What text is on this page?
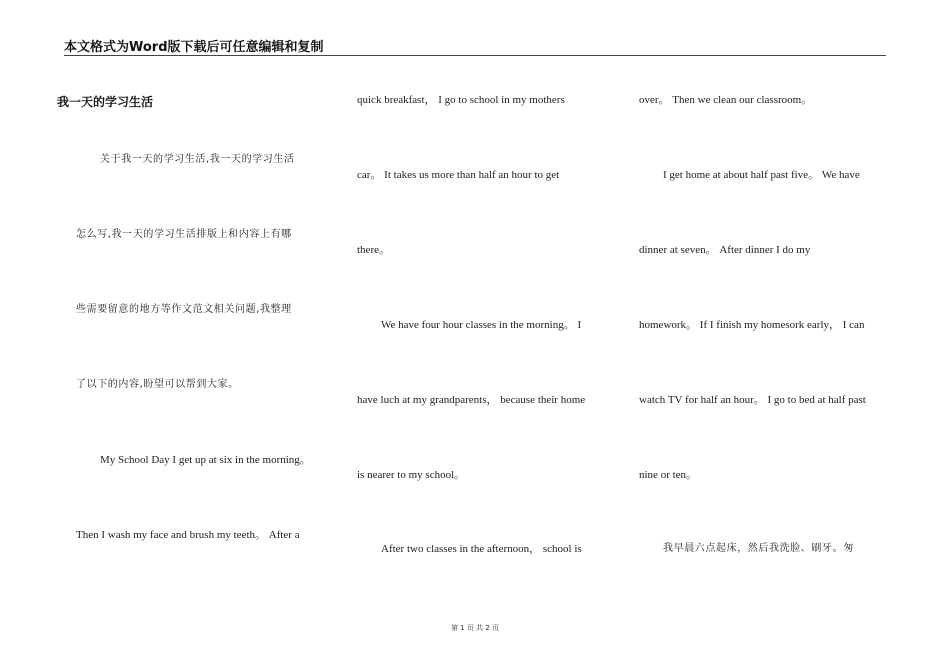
本文格式为Word版下载后可任意编辑和复制
我一天的学习生活
关于我一天的学习生活,我一天的学习生活
怎么写,我一天的学习生活排版上和内容上有哪
些需要留意的地方等作文范文相关问题,我整理
了以下的内容,盼望可以帮到大家。
My School Day I get up at six in the morning。
Then I wash my face and brush my teeth。 After a
quick breakfast， I go to school in my mothers
car。 It takes us more than half an hour to get
there。
We have four hour classes in the morning。 I
have luch at my grandparents， because their home
is nearer to my school。
After two classes in the afternoon， school is
over。 Then we clean our classroom。
I get home at about half past five。 We have
dinner at seven。 After dinner I do my
homework。 If I finish my homesork early， I can
watch TV for half an hour。 I go to bed at half past
nine or ten。
我早晨六点起床，然后我洗脸、刷牙。匆
第 1 页 共 2 页
